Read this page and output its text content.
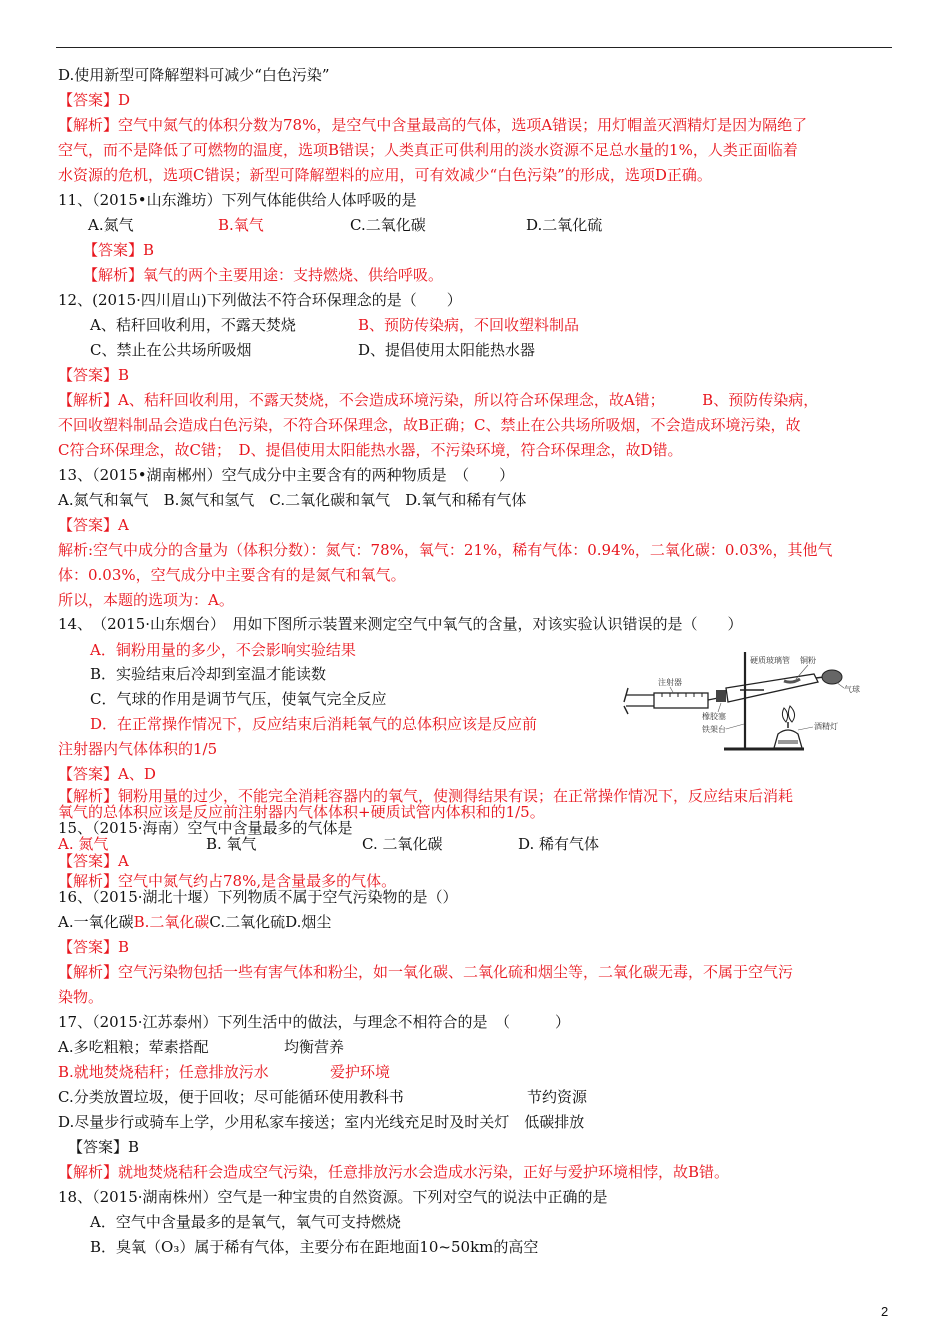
D.使用新型可降解塑料可减少“白色污染”
【答案】D
【解析】空气中氮气的体积分数为78%，是空气中含量最高的气体，选项A错误；用灯帽盖灭酒精灯是因为隔绝了
空气，而不是降低了可燃物的温度，选项B错误；人类真正可供利用的淡水资源不足总水量的1%，人类正面临着
水资源的危机，选项C错误；新型可降解塑料的应用，可有效减少“白色污染”的形成，选项D正确。
11、（2015•山东潍坊）下列气体能供给人体呼吸的是
A.氮气	B.氧气	C.二氧化碳	D.二氧化硫
【答案】B
【解析】氧气的两个主要用途：支持燃烧、供给呼吸。
12、(2015·四川眉山)下列做法不符合环保理念的是（　　）
A、秸秆回收利用，不露天焚烧	B、预防传染病，不回收塑料制品
C、禁止在公共场所吸烟	D、提倡使用太阳能热水器
【答案】B
【解析】A、秸秆回收利用，不露天焚烧，不会造成环境污染，所以符合环保理念，故A错；　　　B、预防传染病，
不回收塑料制品会造成白色污染，不符合环保理念，故B正确；C、禁止在公共场所吸烟，不会造成环境污染，故
C符合环保理念，故C错；　D、提倡使用太阳能热水器，不污染环境，符合环保理念，故D错。
13、（2015•湖南郴州）空气成分中主要含有的两种物质是　（　　）
A.氮气和氧气　B.氮气和氢气　C.二氧化碳和氧气　D.氧气和稀有气体
【答案】A
解析:空气中成分的含量为（体积分数）：氮气：78%，氧气：21%，稀有气体：0.94%，二氧化碳：0.03%，其他气
体：0.03%，空气成分中主要含有的是氮气和氧气。
所以，本题的选项为：A。
14、　（2015·山东烟台）　用如下图所示装置来测定空气中氧气的含量，对该实验认识错误的是（　　）
A．铜粉用量的多少，不会影响实验结果
B．实验结束后冷却到室温才能读数
C．气球的作用是调节气压，使氧气完全反应
D．在正常操作情况下，反应结束后消耗氧气的总体积应该是反应前
注射器内气体体积的1/5
注射器
硬质玻璃管 铜粉
气球
橡胶塞
铁架台	酒精灯
【答案】A、D
【解析】铜粉用量的过少，不能完全消耗容器内的氧气，使测得结果有误；在正常操作情况下，反应结束后消耗
氧气的总体积应该是反应前注射器内气体体积+硬质试管内体积和的1/5。
15、（2015·海南）空气中含量最多的气体是
A. 氮气	B. 氧气	C. 二氧化碳	D. 稀有气体
【答案】A
【解析】空气中氮气约占78%,是含量最多的气体。
16、（2015·湖北十堰）下列物质不属于空气污染物的是（）
A.一氧化碳B.二氧化碳C.二氧化硫D.烟尘
【答案】B
【解析】空气污染物包括一些有害气体和粉尘，如一氧化碳、二氧化硫和烟尘等，二氧化碳无毒，不属于空气污
染物。
17、（2015·江苏泰州）下列生活中的做法，与理念不相符合的是　（　　　）
A.多吃粗粮；荤素搭配	均衡营养
B.就地焚烧秸秆；任意排放污水	爱护环境
C.分类放置垃圾，便于回收；尽可能循环使用教科书	节约资源
D.尽量步行或骑车上学，少用私家车接送；室内光线充足时及时关灯　低碳排放
【答案】B
【解析】就地焚烧秸秆会造成空气污染，任意排放污水会造成水污染，正好与爱护环境相悖，故B错。
18、（2015·湖南株州）空气是一种宝贵的自然资源。下列对空气的说法中正确的是
A．空气中含量最多的是氧气，氧气可支持燃烧
B．臭氧（O₃）属于稀有气体，主要分布在距地面10~50km的高空
2
